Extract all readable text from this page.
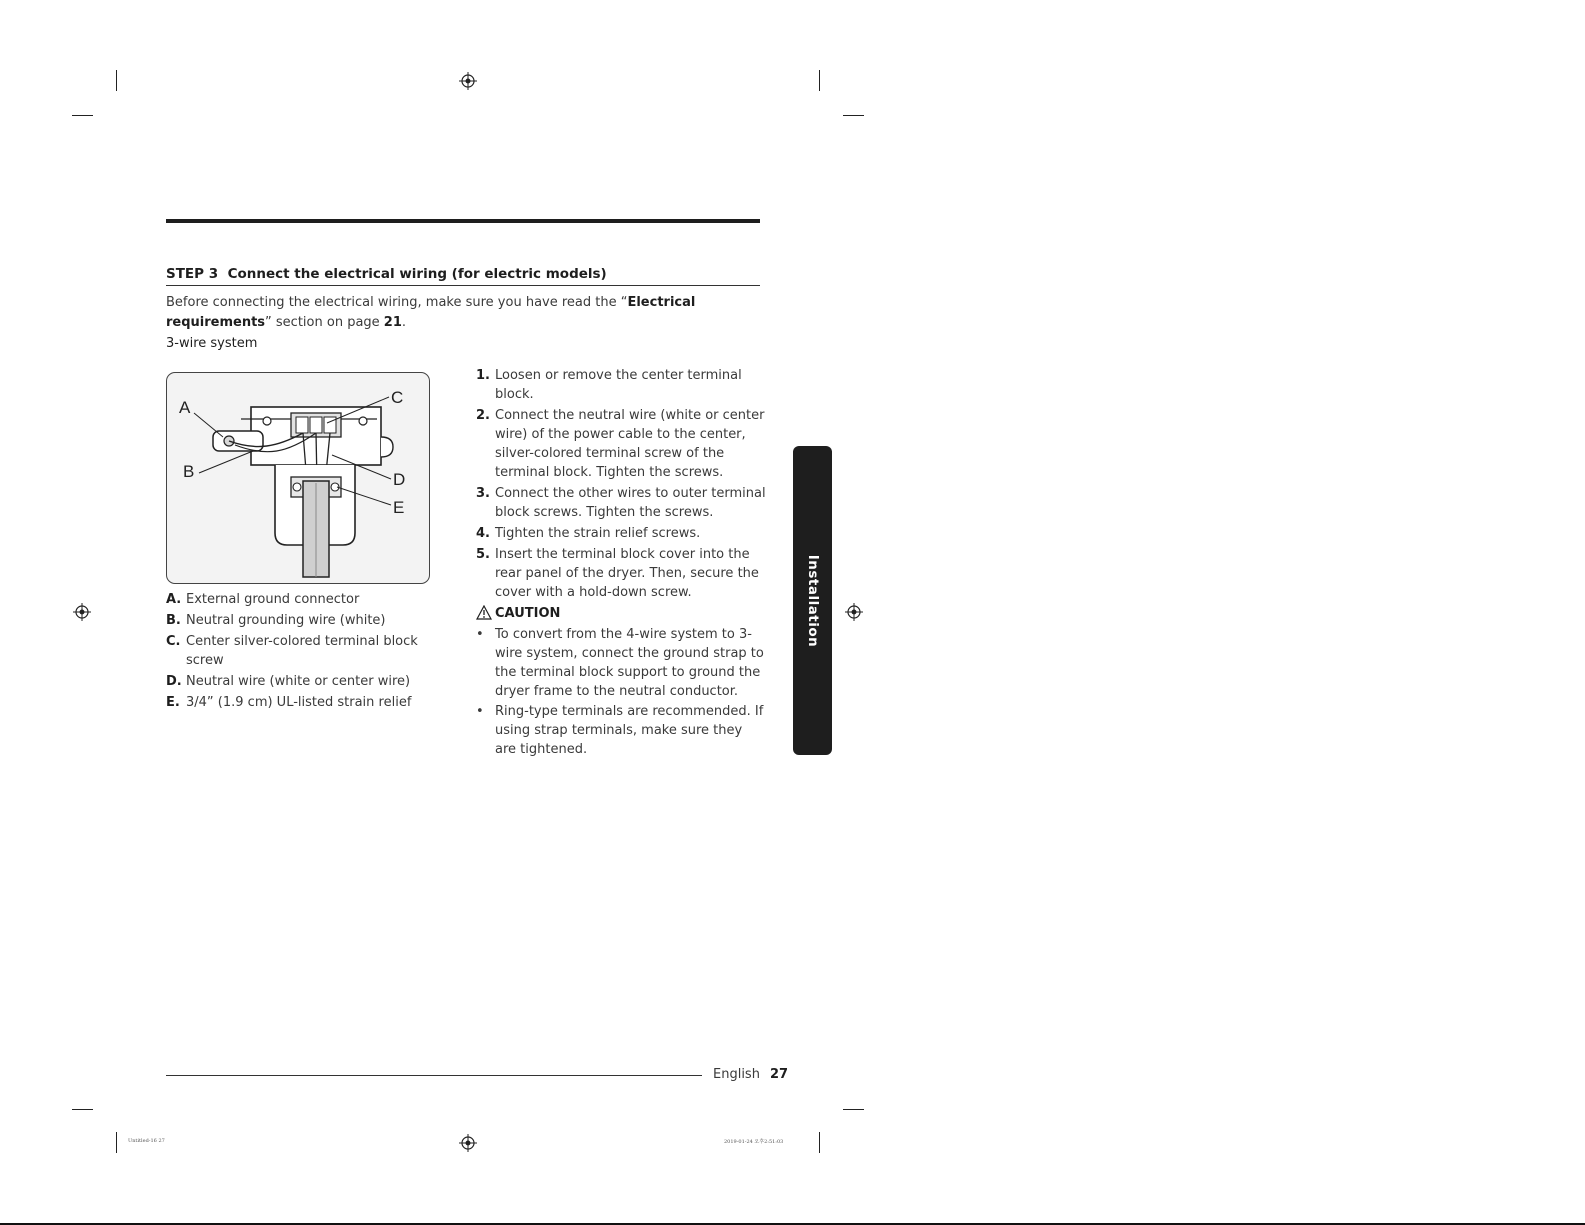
STEP 3 Connect the electrical wiring (for electric models)
Before connecting the electrical wiring, make sure you have read the “Electrical requirements” section on page 21.
3-wire system
A
B
C
D
E
A. External ground connector
B. Neutral grounding wire (white)
C. Center silver-colored terminal block screw
D. Neutral wire (white or center wire)
E. 3/4” (1.9 cm) UL-listed strain relief
1. Loosen or remove the center terminal block.
2. Connect the neutral wire (white or center wire) of the power cable to the center, silver-colored terminal screw of the terminal block. Tighten the screws.
3. Connect the other wires to outer terminal block screws. Tighten the screws.
4. Tighten the strain relief screws.
5. Insert the terminal block cover into the rear panel of the dryer. Then, secure the cover with a hold-down screw.
CAUTION
• To convert from the 4-wire system to 3-wire system, connect the ground strap to the terminal block support to ground the dryer frame to the neutral conductor.
• Ring-type terminals are recommended. If using strap terminals, make sure they are tightened.
Installation
English 27
Untitled-16 27	2019-01-24 오후2:51:03
